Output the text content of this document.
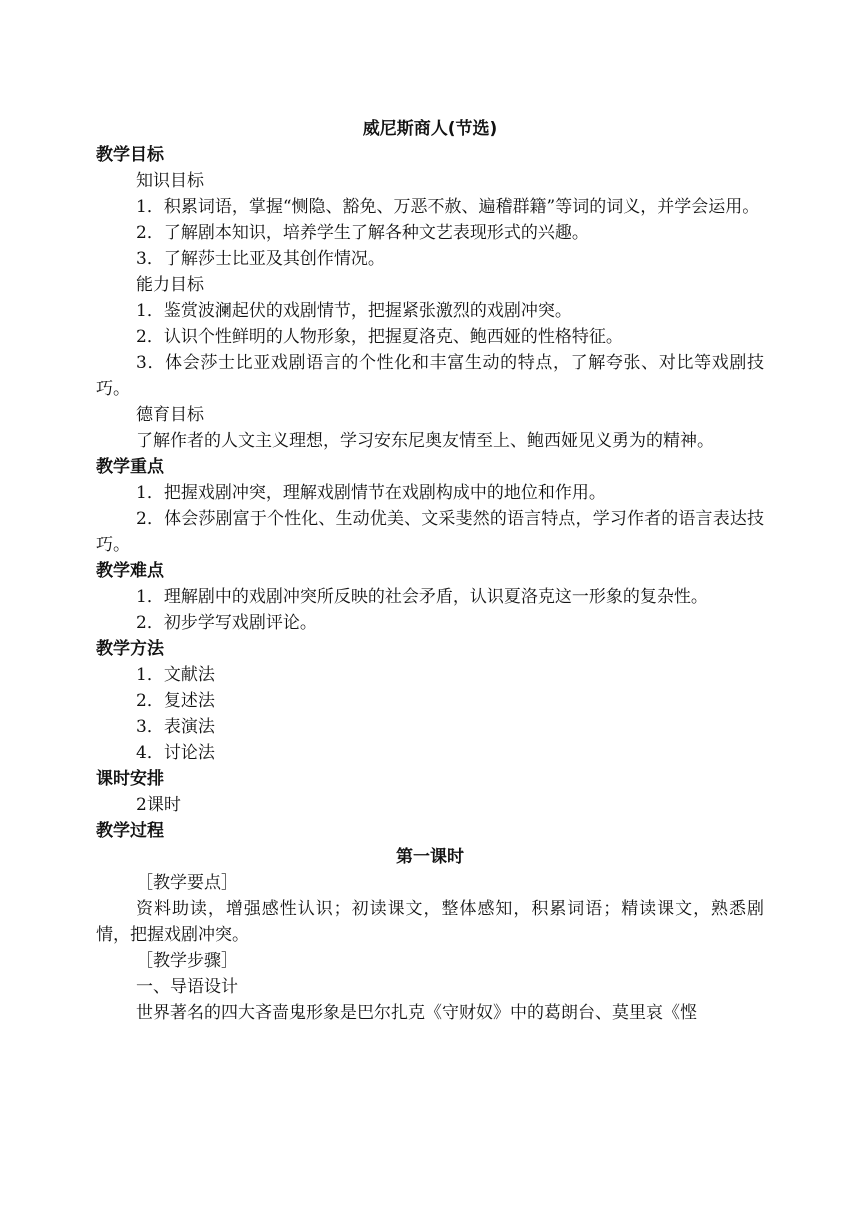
威尼斯商人(节选)
教学目标
知识目标
1．积累词语，掌握“恻隐、豁免、万恶不赦、遍稽群籍”等词的词义，并学会运用。
2．了解剧本知识，培养学生了解各种文艺表现形式的兴趣。
3．了解莎士比亚及其创作情况。
能力目标
1．鉴赏波澜起伏的戏剧情节，把握紧张激烈的戏剧冲突。
2．认识个性鲜明的人物形象，把握夏洛克、鲍西娅的性格特征。
3．体会莎士比亚戏剧语言的个性化和丰富生动的特点，了解夸张、对比等戏剧技巧。
德育目标
了解作者的人文主义理想，学习安东尼奥友情至上、鲍西娅见义勇为的精神。
教学重点
1．把握戏剧冲突，理解戏剧情节在戏剧构成中的地位和作用。
2．体会莎剧富于个性化、生动优美、文采斐然的语言特点，学习作者的语言表达技巧。
教学难点
1．理解剧中的戏剧冲突所反映的社会矛盾，认识夏洛克这一形象的复杂性。
2．初步学写戏剧评论。
教学方法
1．文献法
2．复述法
3．表演法
4．讨论法
课时安排
2课时
教学过程
第一课时
［教学要点］
资料助读，增强感性认识；初读课文，整体感知，积累词语；精读课文，熟悉剧情，把握戏剧冲突。
［教学步骤］
一、导语设计
世界著名的四大吝啬鬼形象是巴尔扎克《守财奴》中的葛朗台、莫里哀《悭
